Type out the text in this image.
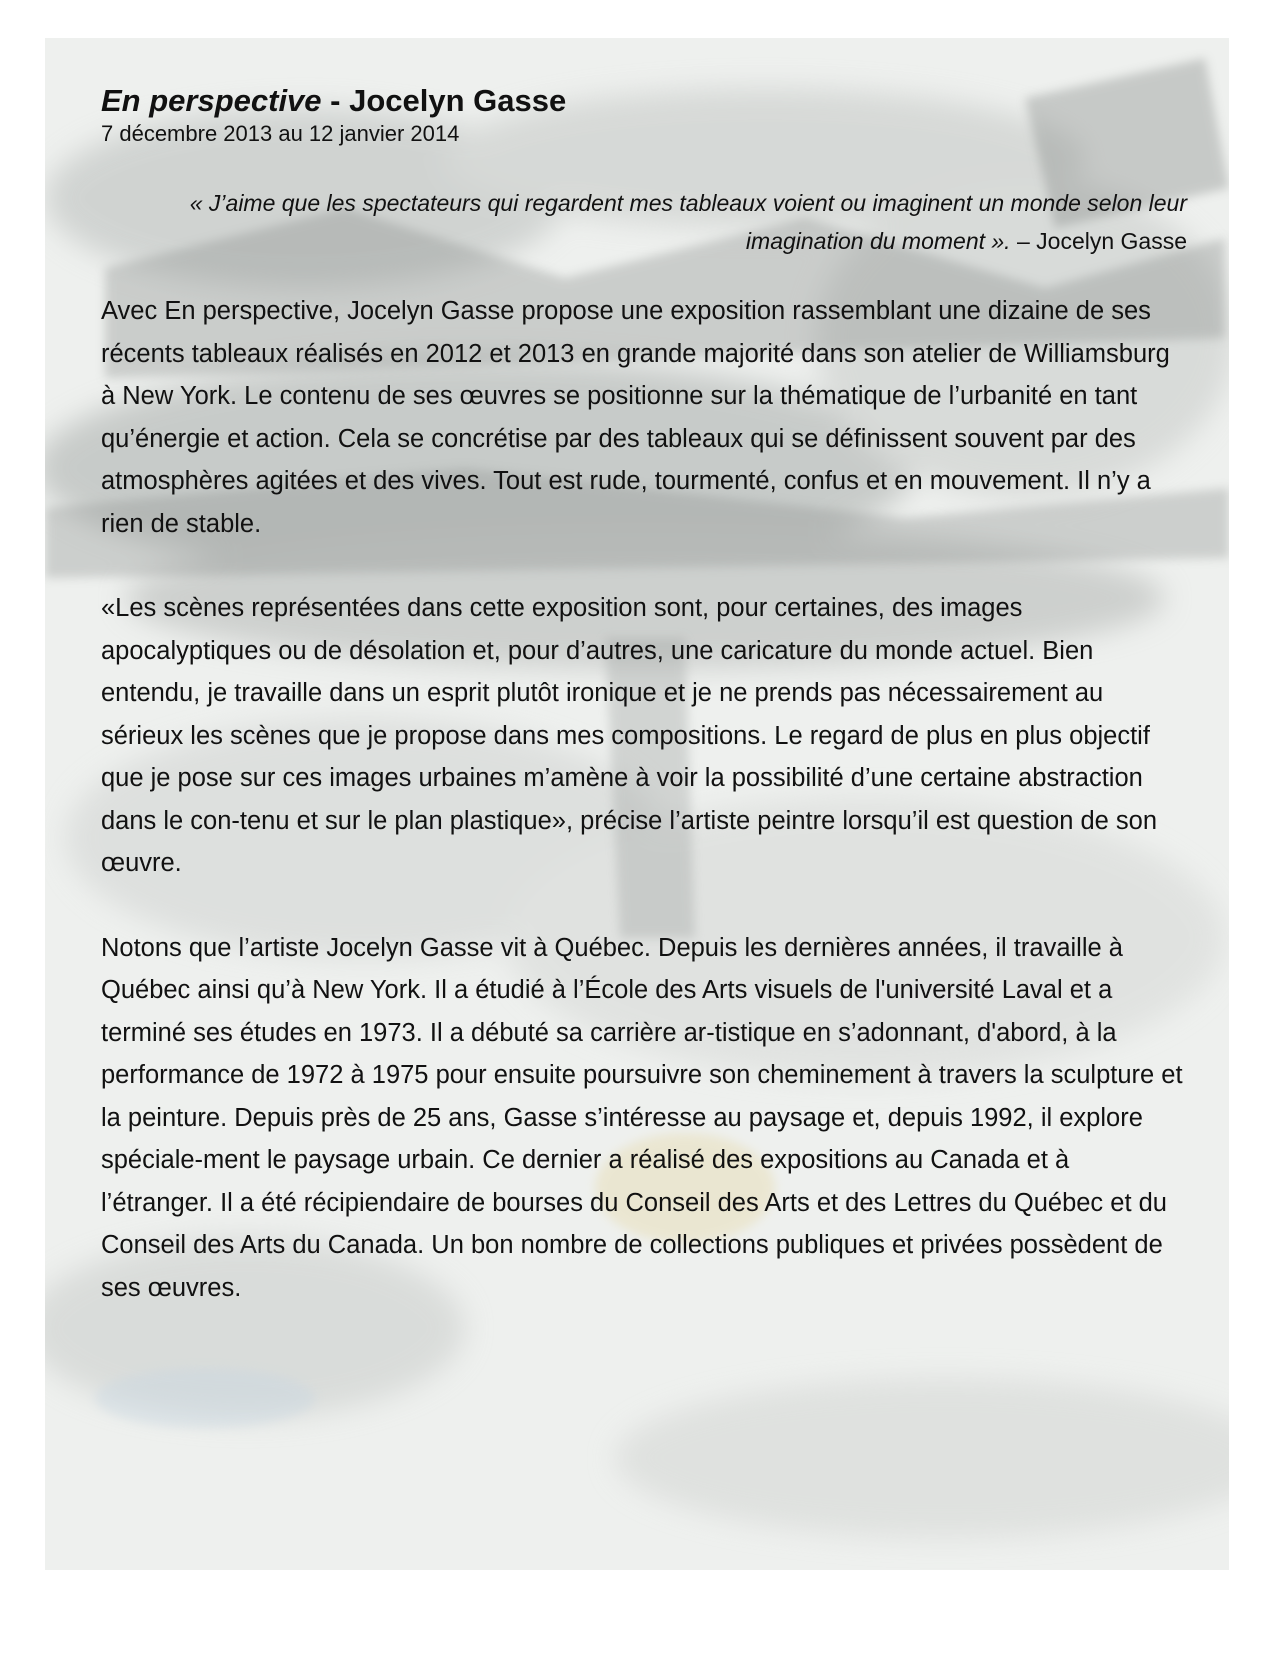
En perspective - Jocelyn Gasse

7 décembre 2013 au 12 janvier 2014

« J’aime que les spectateurs qui regardent mes tableaux voient ou imaginent un monde selon leur imagination du moment ». – Jocelyn Gasse

Avec En perspective, Jocelyn Gasse propose une exposition rassemblant une dizaine de ses récents tableaux réalisés en 2012 et 2013 en grande majorité dans son atelier de Williamsburg à New York. Le contenu de ses œuvres se positionne sur la thématique de l’urbanité en tant qu’énergie et action. Cela se concrétise par des tableaux qui se définissent souvent par des atmosphères agitées et des vives. Tout est rude, tourmenté, confus et en mouvement. Il n’y a rien de stable.

«Les scènes représentées dans cette exposition sont, pour certaines, des images apocalyptiques ou de désolation et, pour d’autres, une caricature du monde actuel. Bien entendu, je travaille dans un esprit plutôt ironique et je ne prends pas nécessairement au sérieux les scènes que je propose dans mes compositions. Le regard de plus en plus objectif que je pose sur ces images urbaines m’amène à voir la possibilité d’une certaine abstraction dans le con-tenu et sur le plan plastique», précise l’artiste peintre lorsqu’il est question de son œuvre.

Notons que l’artiste Jocelyn Gasse vit à Québec. Depuis les dernières années, il travaille à Québec ainsi qu’à New York. Il a étudié à l’École des Arts visuels de l'université Laval et a terminé ses études en 1973. Il a débuté sa carrière ar-tistique en s’adonnant, d'abord, à la performance de 1972 à 1975 pour ensuite poursuivre son cheminement à travers la sculpture et la peinture. Depuis près de 25 ans, Gasse s’intéresse au paysage et, depuis 1992, il explore spéciale-ment le paysage urbain. Ce dernier a réalisé des expositions au Canada et à l’étranger. Il a été récipiendaire de bourses du Conseil des Arts et des Lettres du Québec et du Conseil des Arts du Canada. Un bon nombre de collections publiques et privées possèdent de ses œuvres.
